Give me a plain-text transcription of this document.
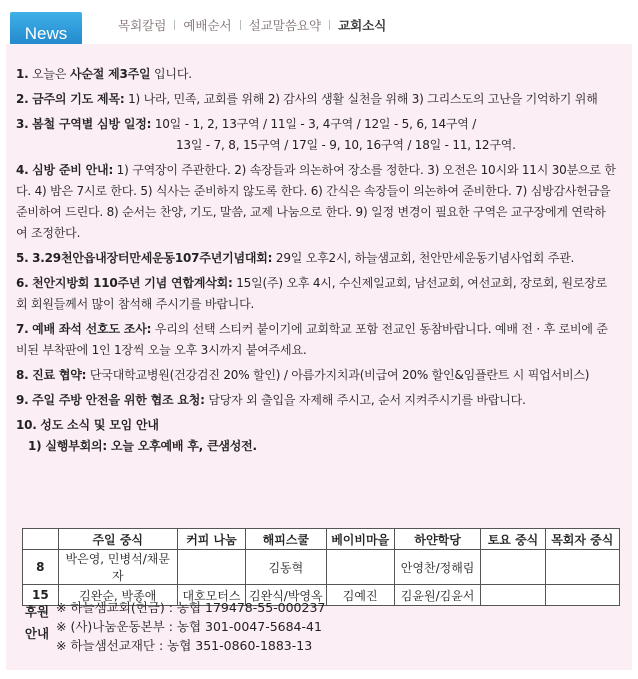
News	목회칼럼 예배순서 설교말씀요약 교회소식
1. 오늘은 사순절 제3주일 입니다.
2. 금주의 기도 제목: 1) 나라, 민족, 교회를 위해 2) 감사의 생활 실천을 위해 3) 그리스도의 고난을 기억하기 위해
3. 봄철 구역별 심방 일정: 10일 - 1, 2, 13구역 / 11일 - 3, 4구역 / 12일 - 5, 6, 14구역 /
13일 - 7, 8, 15구역 / 17일 - 9, 10, 16구역 / 18일 - 11, 12구역.
4. 심방 준비 안내: 1) 구역장이 주관한다. 2) 속장들과 의논하여 장소를 정한다. 3) 오전은 10시와 11시 30분으로 한다. 4) 밤은 7시로 한다. 5) 식사는 준비하지 않도록 한다. 6) 간식은 속장들이 의논하여 준비한다. 7) 심방감사헌금을 준비하여 드린다. 8) 순서는 찬양, 기도, 말씀, 교제 나눔으로 한다. 9) 일정 변경이 필요한 구역은 교구장에게 연락하여 조정한다.
5. 3.29천안읍내장터만세운동107주년기념대회: 29일 오후2시, 하늘샘교회, 천안만세운동기념사업회 주관.
6. 천안지방회 110주년 기념 연합계삭회: 15일(주) 오후 4시, 수신제일교회, 남선교회, 여선교회, 장로회, 원로장로회 회원들께서 많이 참석해 주시기를 바랍니다.
7. 예배 좌석 선호도 조사: 우리의 선택 스티커 붙이기에 교회학교 포함 전교인 동참바랍니다. 예배 전 · 후 로비에 준비된 부착판에 1인 1장씩 오늘 오후 3시까지 붙여주세요.
8. 진료 협약: 단국대학교병원(건강검진 20% 할인) / 아름가지치과(비급여 20% 할인&임플란트 시 픽업서비스)
9. 주일 주방 안전을 위한 협조 요청: 담당자 외 출입을 자제해 주시고, 순서 지켜주시기를 바랍니다.
10. 성도 소식 및 모임 안내
1) 실행부회의: 오늘 오후예배 후, 큰샘성전.
	주일 중식	커피 나눔	해피스쿨	베이비마을	하얀학당	토요 중식	목회자 중식
8	박은영, 민병석/채문자		김동혁		안영찬/정해림		
15	김완순, 박종애	대호모터스	김완식/박영옥	김예진	김윤원/김윤서		
후원 안내
※ 하늘샘교회(헌금) : 농협 179478-55-000237
※ (사)나눔운동본부 : 농협 301-0047-5684-41
※ 하늘샘선교재단 : 농협 351-0860-1883-13
